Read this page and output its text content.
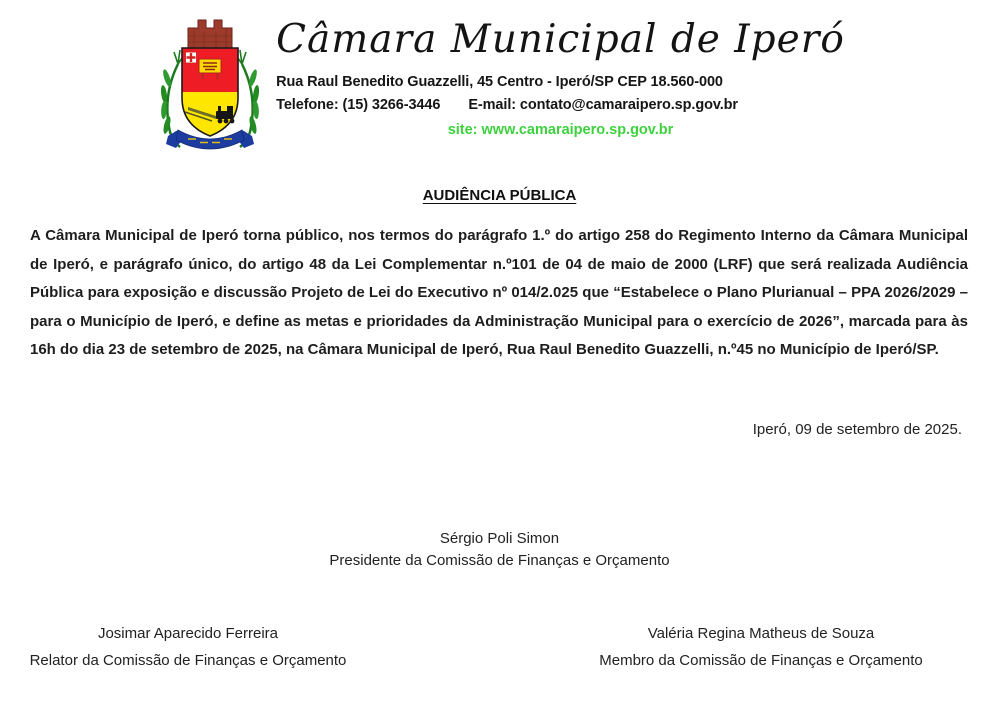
Câmara Municipal de Iperó
Rua Raul Benedito Guazzelli, 45 Centro - Iperó/SP CEP 18.560-000
Telefone: (15) 3266-3446 E-mail: contato@camaraipero.sp.gov.br
site: www.camaraipero.sp.gov.br
AUDIÊNCIA PÚBLICA

A Câmara Municipal de Iperó torna público, nos termos do parágrafo 1.º do artigo 258 do Regimento Interno da Câmara Municipal de Iperó, e parágrafo único, do artigo 48 da Lei Complementar n.º101 de 04 de maio de 2000 (LRF) que será realizada Audiência Pública para exposição e discussão Projeto de Lei do Executivo nº 014/2.025 que “Estabelece o Plano Plurianual – PPA 2026/2029 – para o Município de Iperó, e define as metas e prioridades da Administração Municipal para o exercício de 2026”, marcada para às 16h do dia 23 de setembro de 2025, na Câmara Municipal de Iperó, Rua Raul Benedito Guazzelli, n.º45 no Município de Iperó/SP.

Iperó, 09 de setembro de 2025.

Sérgio Poli Simon
Presidente da Comissão de Finanças e Orçamento
Josimar Aparecido Ferreira
Relator da Comissão de Finanças e Orçamento
Valéria Regina Matheus de Souza
Membro da Comissão de Finanças e Orçamento
